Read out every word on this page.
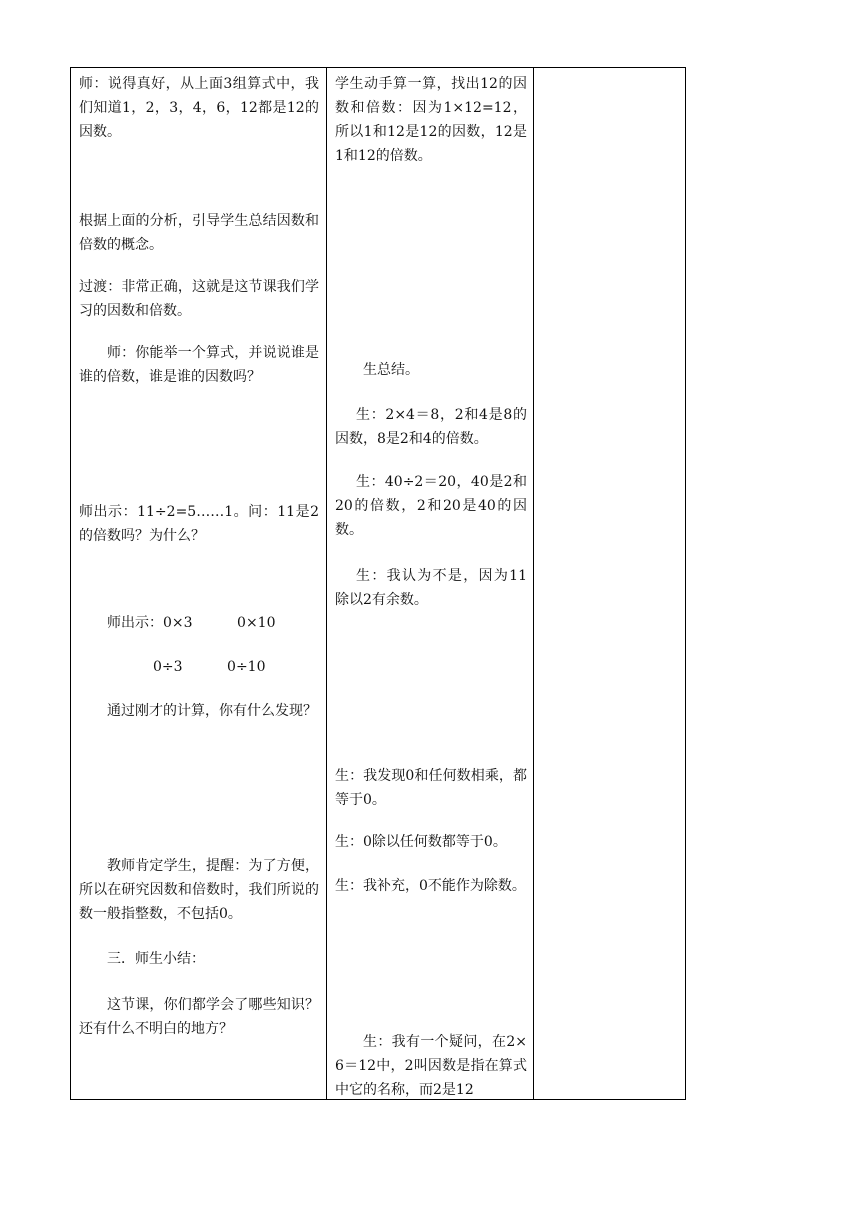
师：说得真好，从上面3组算式中，我们知道1，2，3，4，6，12都是12的因数。

根据上面的分析，引导学生总结因数和倍数的概念。

过渡：非常正确，这就是这节课我们学习的因数和倍数。

师：你能举一个算式，并说说谁是谁的倍数，谁是谁的因数吗？

师出示：11÷2=5……1。问：11是2的倍数吗？为什么？

师出示：0×3          0×10

0÷3          0÷10

通过刚才的计算，你有什么发现？

教师肯定学生，提醒：为了方便，所以在研究因数和倍数时，我们所说的数一般指整数，不包括0。

三．师生小结：

这节课，你们都学会了哪些知识？还有什么不明白的地方？

学生动手算一算，找出12的因数和倍数：因为1×12=12，所以1和12是12的因数，12是1和12的倍数。

生总结。

生：2×4＝8，2和4是8的因数，8是2和4的倍数。

生：40÷2＝20，40是2和20的倍数，2和20是40的因数。

生：我认为不是，因为11除以2有余数。

生：我发现0和任何数相乘，都等于0。

生：0除以任何数都等于0。

生：我补充，0不能作为除数。

生：我有一个疑问，在2×6＝12中，2叫因数是指在算式中它的名称，而2是12
